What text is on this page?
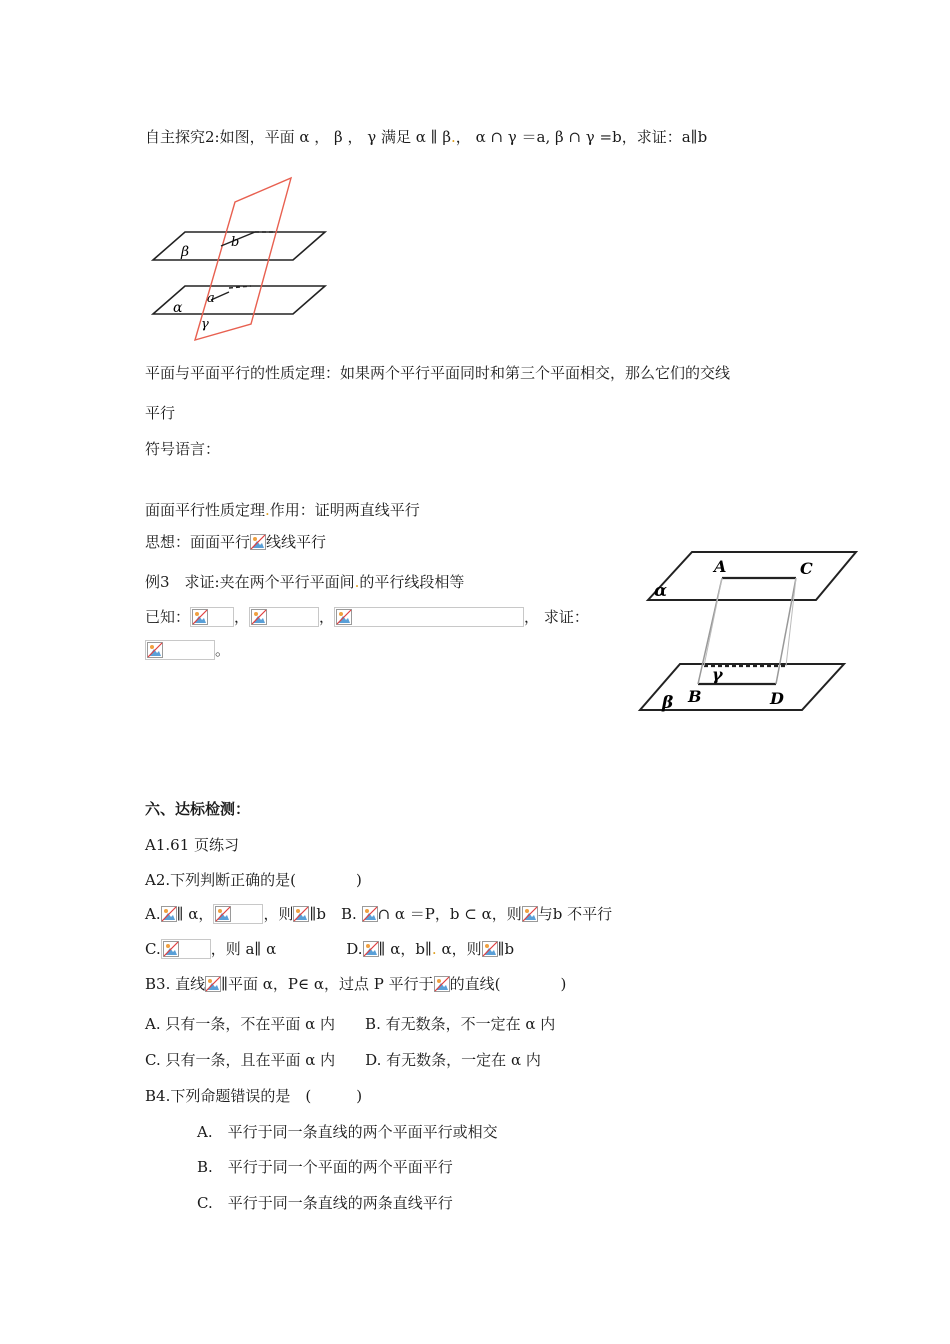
自主探究2:如图，平面 α ， β ， γ 满足 α ∥ β.， α ∩ γ ＝a, β ∩ γ =b，求证：a∥b
β
b
α
a
γ
平面与平面平行的性质定理：如果两个平行平面同时和第三个平面相交，那么它们的交线
平行
符号语言：
面面平行性质定理.作用：证明两直线平行
思想：面面平行 线线平行
例3　求证:夹在两个平行平面间.的平行线段相等
已知：	，	，	， 求证：
。
α
A	C
γ
β B	D
六、达标检测：
A1.61 页练习
A2.下列判断正确的是(　　　　)
A. ∥ α，	，则 ∥b　B. ∩ α ＝P，b ⊂ α，则 与b 不平行
C.	，则 a∥ α	D. ∥ α，b∥. α，则 ∥b
B3. 直线 ∥平面 α，P∈ α，过点 P 平行于 的直线(　　　　)
A. 只有一条，不在平面 α 内 B. 有无数条，不一定在 α 内
C. 只有一条，且在平面 α 内 D. 有无数条，一定在 α 内
B4.下列命题错误的是　(　　　)
A.　平行于同一条直线的两个平面平行或相交
B.　平行于同一个平面的两个平面平行
C.　平行于同一条直线的两条直线平行
